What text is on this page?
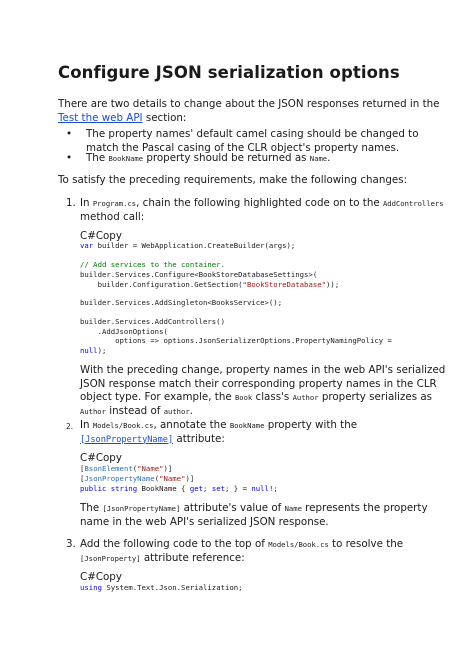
Configure JSON serialization options
There are two details to change about the JSON responses returned in the Test the web API section:
• The property names' default camel casing should be changed to match the Pascal casing of the CLR object's property names.
• The BookName property should be returned as Name.
To satisfy the preceding requirements, make the following changes:
1. In Program.cs, chain the following highlighted code on to the AddControllers method call:
C#Copy
var builder = WebApplication.CreateBuilder(args);
// Add services to the container.
builder.Services.Configure<BookStoreDatabaseSettings>(
builder.Configuration.GetSection("BookStoreDatabase"));
builder.Services.AddSingleton<BooksService>();
builder.Services.AddControllers()
.AddJsonOptions(
options => options.JsonSerializerOptions.PropertyNamingPolicy =
null);
With the preceding change, property names in the web API's serialized JSON response match their corresponding property names in the CLR object type. For example, the Book class's Author property serializes as Author instead of author.
2. In Models/Book.cs, annotate the BookName property with the [JsonPropertyName] attribute:
C#Copy
[BsonElement("Name")]
[JsonPropertyName("Name")]
public string BookName { get; set; } = null!;
The [JsonPropertyName] attribute's value of Name represents the property name in the web API's serialized JSON response.
3. Add the following code to the top of Models/Book.cs to resolve the [JsonProperty] attribute reference:
C#Copy
using System.Text.Json.Serialization;
